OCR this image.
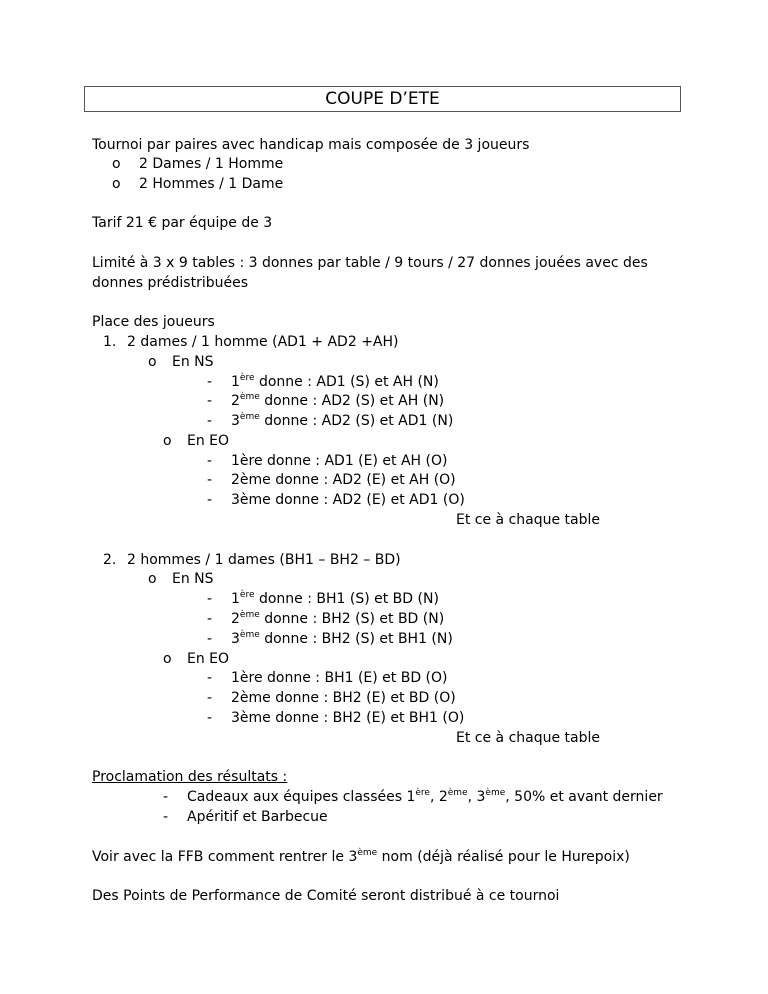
COUPE D’ETE
Tournoi par paires avec handicap mais composée de 3 joueurs
o 2 Dames / 1 Homme
o 2 Hommes / 1 Dame
Tarif 21 € par équipe de 3
Limité à 3 x 9 tables : 3 donnes par table / 9 tours / 27 donnes jouées avec des
donnes prédistribuées
Place des joueurs
1. 2 dames / 1 homme (AD1 + AD2 +AH)
o En NS
- 1ère donne : AD1 (S) et AH (N)
- 2ème donne : AD2 (S) et AH (N)
- 3ème donne : AD2 (S) et AD1 (N)
o En EO
- 1ère donne : AD1 (E) et AH (O)
- 2ème donne : AD2 (E) et AH (O)
- 3ème donne : AD2 (E) et AD1 (O)
Et ce à chaque table
2. 2 hommes / 1 dames (BH1 – BH2 – BD)
o En NS
- 1ère donne : BH1 (S) et BD (N)
- 2ème donne : BH2 (S) et BD (N)
- 3ème donne : BH2 (S) et BH1 (N)
o En EO
- 1ère donne : BH1 (E) et BD (O)
- 2ème donne : BH2 (E) et BD (O)
- 3ème donne : BH2 (E) et BH1 (O)
Et ce à chaque table
Proclamation des résultats :
- Cadeaux aux équipes classées 1ère, 2ème, 3ème, 50% et avant dernier
- Apéritif et Barbecue
Voir avec la FFB comment rentrer le 3ème nom (déjà réalisé pour le Hurepoix)
Des Points de Performance de Comité seront distribué à ce tournoi
